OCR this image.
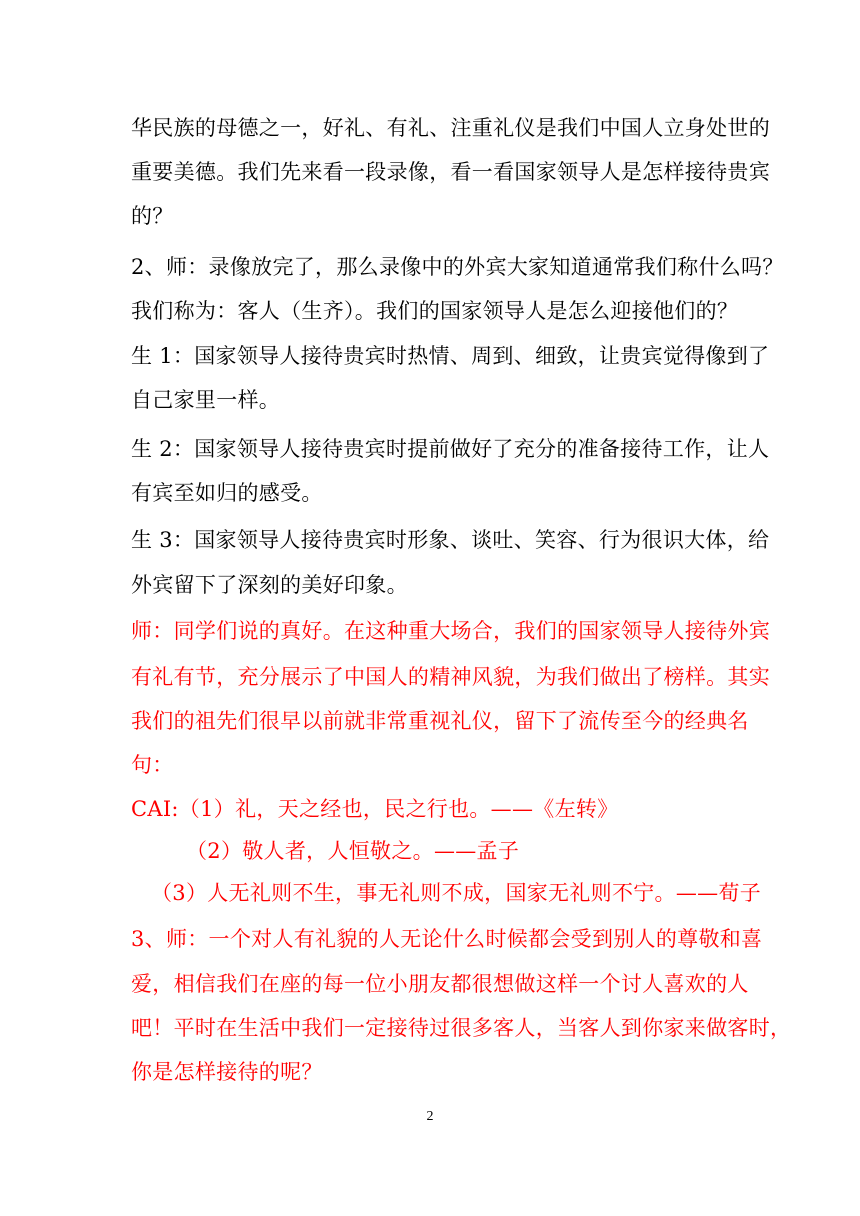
华民族的母德之一，好礼、有礼、注重礼仪是我们中国人立身处世的
重要美德。我们先来看一段录像，看一看国家领导人是怎样接待贵宾
的？
2、师：录像放完了，那么录像中的外宾大家知道通常我们称什么吗？
我们称为：客人（生齐）。我们的国家领导人是怎么迎接他们的？
生 1：国家领导人接待贵宾时热情、周到、细致，让贵宾觉得像到了
自己家里一样。
生 2：国家领导人接待贵宾时提前做好了充分的准备接待工作，让人
有宾至如归的感受。
生 3：国家领导人接待贵宾时形象、谈吐、笑容、行为很识大体，给
外宾留下了深刻的美好印象。
师：同学们说的真好。在这种重大场合，我们的国家领导人接待外宾
有礼有节，充分展示了中国人的精神风貌，为我们做出了榜样。其实
我们的祖先们很早以前就非常重视礼仪，留下了流传至今的经典名
句：
CAI:（1）礼，天之经也，民之行也。——《左转》
（2）敬人者，人恒敬之。——孟子
（3）人无礼则不生，事无礼则不成，国家无礼则不宁。——荀子
3、师：一个对人有礼貌的人无论什么时候都会受到别人的尊敬和喜
爱，相信我们在座的每一位小朋友都很想做这样一个讨人喜欢的人
吧！平时在生活中我们一定接待过很多客人，当客人到你家来做客时，
你是怎样接待的呢？
2
